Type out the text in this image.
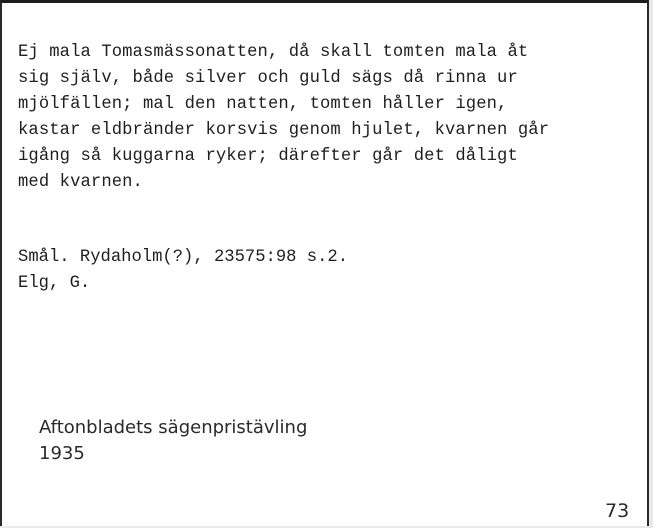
Ej mala Tomasmässonatten, då skall tomten mala åt
sig själv, både silver och guld sägs då rinna ur
mjölfällen; mal den natten, tomten håller igen,
kastar eldbränder korsvis genom hjulet, kvarnen går
igång så kuggarna ryker; därefter går det dåligt
med kvarnen.
Smål. Rydaholm(?), 23575:98 s.2.
Elg, G.
Aftonbladets sägenpristävling
1935
73
